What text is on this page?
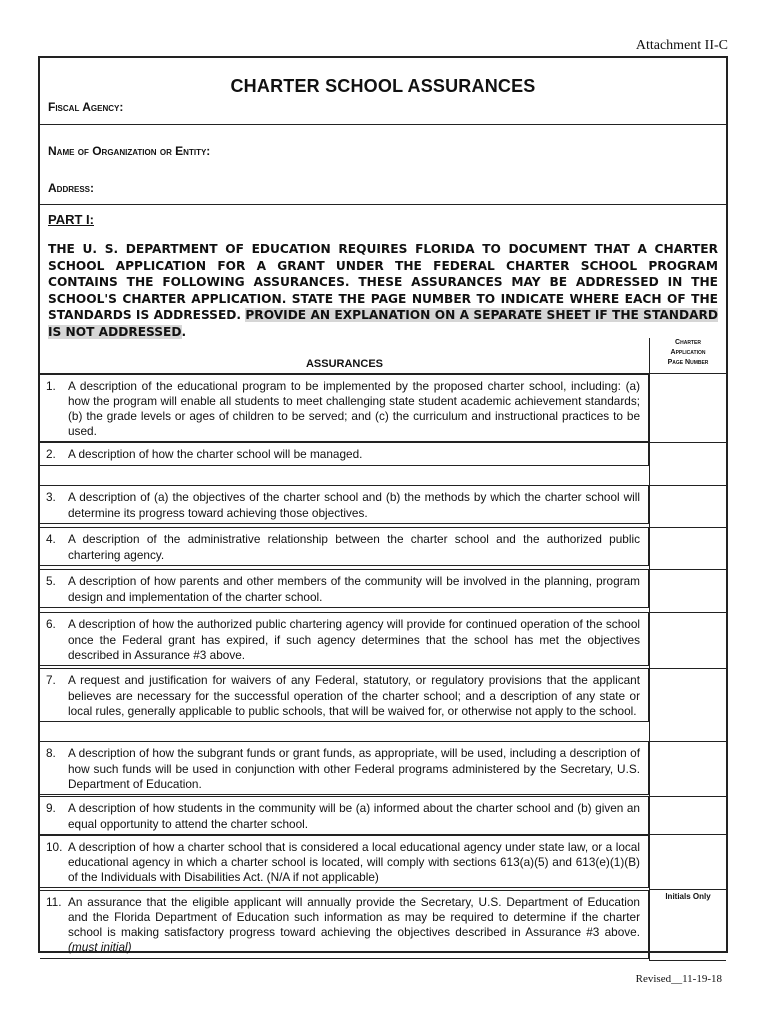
Attachment II-C
CHARTER SCHOOL ASSURANCES
Fiscal Agency:
Name of Organization or Entity:
Address:
PART I:
THE U. S. DEPARTMENT OF EDUCATION REQUIRES FLORIDA TO DOCUMENT THAT A CHARTER SCHOOL APPLICATION FOR A GRANT UNDER THE FEDERAL CHARTER SCHOOL PROGRAM CONTAINS THE FOLLOWING ASSURANCES. THESE ASSURANCES MAY BE ADDRESSED IN THE SCHOOL'S CHARTER APPLICATION. STATE THE PAGE NUMBER TO INDICATE WHERE EACH OF THE STANDARDS IS ADDRESSED. PROVIDE AN EXPLANATION ON A SEPARATE SHEET IF THE STANDARD IS NOT ADDRESSED.
ASSURANCES	Charter
Application
Page Number

1.	A description of the educational program to be implemented by the proposed charter school, including: (a) how the program will enable all students to meet challenging state student academic achievement standards; (b) the grade levels or ages of children to be served; and (c) the curriculum and instructional practices to be used.

2.	A description of how the charter school will be managed.

3.	A description of (a) the objectives of the charter school and (b) the methods by which the charter school will determine its progress toward achieving those objectives.

4.	A description of the administrative relationship between the charter school and the authorized public chartering agency.

5.	A description of how parents and other members of the community will be involved in the planning, program design and implementation of the charter school.

6.	A description of how the authorized public chartering agency will provide for continued operation of the school once the Federal grant has expired, if such agency determines that the school has met the objectives described in Assurance #3 above.

7.	A request and justification for waivers of any Federal, statutory, or regulatory provisions that the applicant believes are necessary for the successful operation of the charter school; and a description of any state or local rules, generally applicable to public schools, that will be waived for, or otherwise not apply to the school.

8.	A description of how the subgrant funds or grant funds, as appropriate, will be used, including a description of how such funds will be used in conjunction with other Federal programs administered by the Secretary, U.S. Department of Education.

9.	A description of how students in the community will be (a) informed about the charter school and (b) given an equal opportunity to attend the charter school.

10. A description of how a charter school that is considered a local educational agency under state law, or a local educational agency in which a charter school is located, will comply with sections 613(a)(5) and 613(e)(1)(B) of the Individuals with Disabilities Act. (N/A if not applicable)

11. An assurance that the eligible applicant will annually provide the Secretary, U.S. Department of Education and the Florida Department of Education such information as may be required to determine if the charter school is making satisfactory progress toward achieving the objectives described in Assurance #3 above. (must initial)
Initials Only
Revised__11-19-18
